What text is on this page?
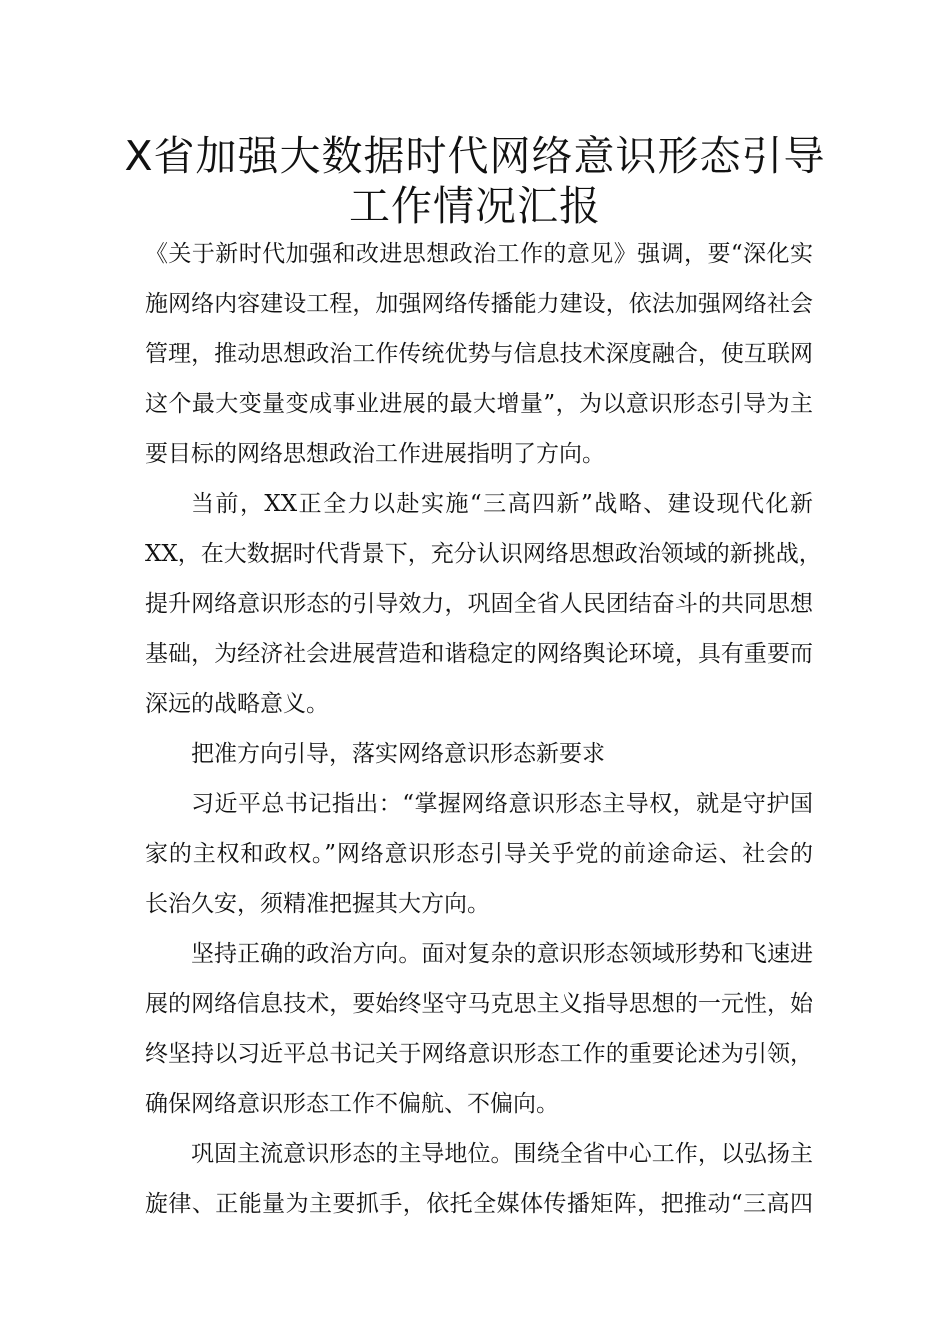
X省加强大数据时代网络意识形态引导
工作情况汇报
《关于新时代加强和改进思想政治工作的意见》强调，要“深化实
施网络内容建设工程，加强网络传播能力建设，依法加强网络社会
管理，推动思想政治工作传统优势与信息技术深度融合，使互联网
这个最大变量变成事业进展的最大增量”，为以意识形态引导为主
要目标的网络思想政治工作进展指明了方向。
当前，XX正全力以赴实施“三高四新”战略、建设现代化新
XX，在大数据时代背景下，充分认识网络思想政治领域的新挑战，
提升网络意识形态的引导效力，巩固全省人民团结奋斗的共同思想
基础，为经济社会进展营造和谐稳定的网络舆论环境，具有重要而
深远的战略意义。
把准方向引导，落实网络意识形态新要求
习近平总书记指出：“掌握网络意识形态主导权，就是守护国
家的主权和政权。”网络意识形态引导关乎党的前途命运、社会的
长治久安，须精准把握其大方向。
坚持正确的政治方向。面对复杂的意识形态领域形势和飞速进
展的网络信息技术，要始终坚守马克思主义指导思想的一元性，始
终坚持以习近平总书记关于网络意识形态工作的重要论述为引领，
确保网络意识形态工作不偏航、不偏向。
巩固主流意识形态的主导地位。围绕全省中心工作，以弘扬主
旋律、正能量为主要抓手，依托全媒体传播矩阵，把推动“三高四
